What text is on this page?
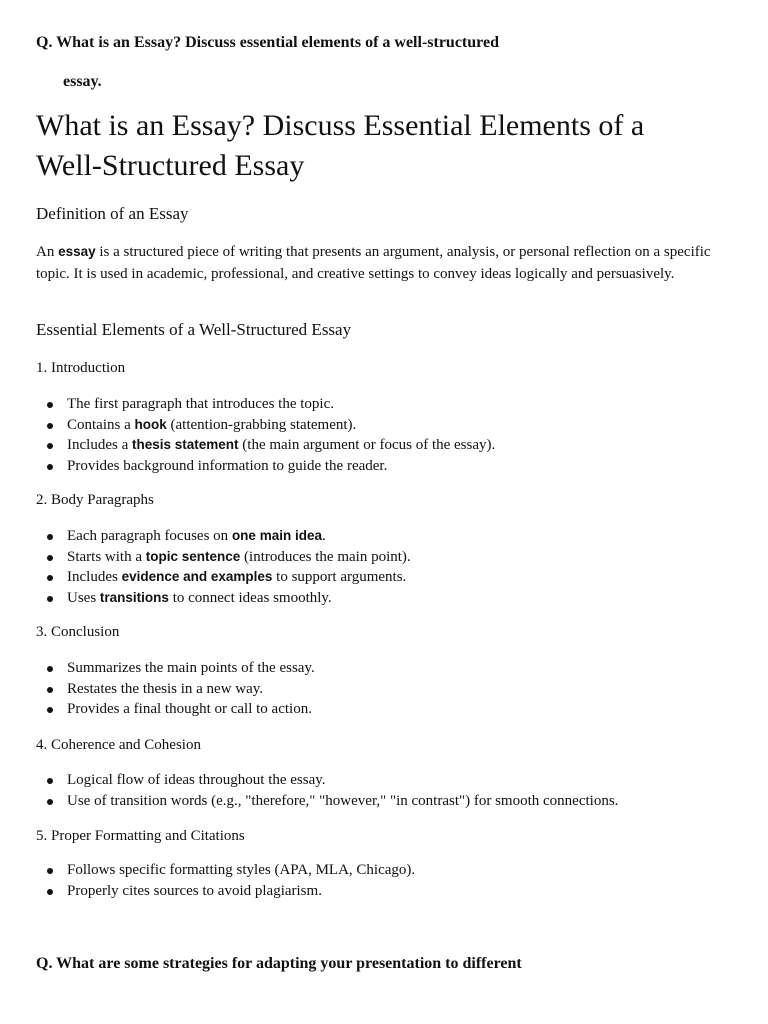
Q. What is an Essay? Discuss essential elements of a well-structured
essay.
What is an Essay? Discuss Essential Elements of a
Well-Structured Essay
Definition of an Essay

An essay is a structured piece of writing that presents an argument, analysis, or personal reflection on a specific topic. It is used in academic, professional, and creative settings to convey ideas logically and persuasively.

Essential Elements of a Well-Structured Essay
1. Introduction
The first paragraph that introduces the topic.
Contains a hook (attention-grabbing statement).
Includes a thesis statement (the main argument or focus of the essay).
Provides background information to guide the reader.
2. Body Paragraphs
Each paragraph focuses on one main idea.
Starts with a topic sentence (introduces the main point).
Includes evidence and examples to support arguments.
Uses transitions to connect ideas smoothly.
3. Conclusion
Summarizes the main points of the essay.
Restates the thesis in a new way.
Provides a final thought or call to action.
4. Coherence and Cohesion
Logical flow of ideas throughout the essay.
Use of transition words (e.g., "therefore," "however," "in contrast") for smooth connections.
5. Proper Formatting and Citations
Follows specific formatting styles (APA, MLA, Chicago).
Properly cites sources to avoid plagiarism.
Q. What are some strategies for adapting your presentation to different
